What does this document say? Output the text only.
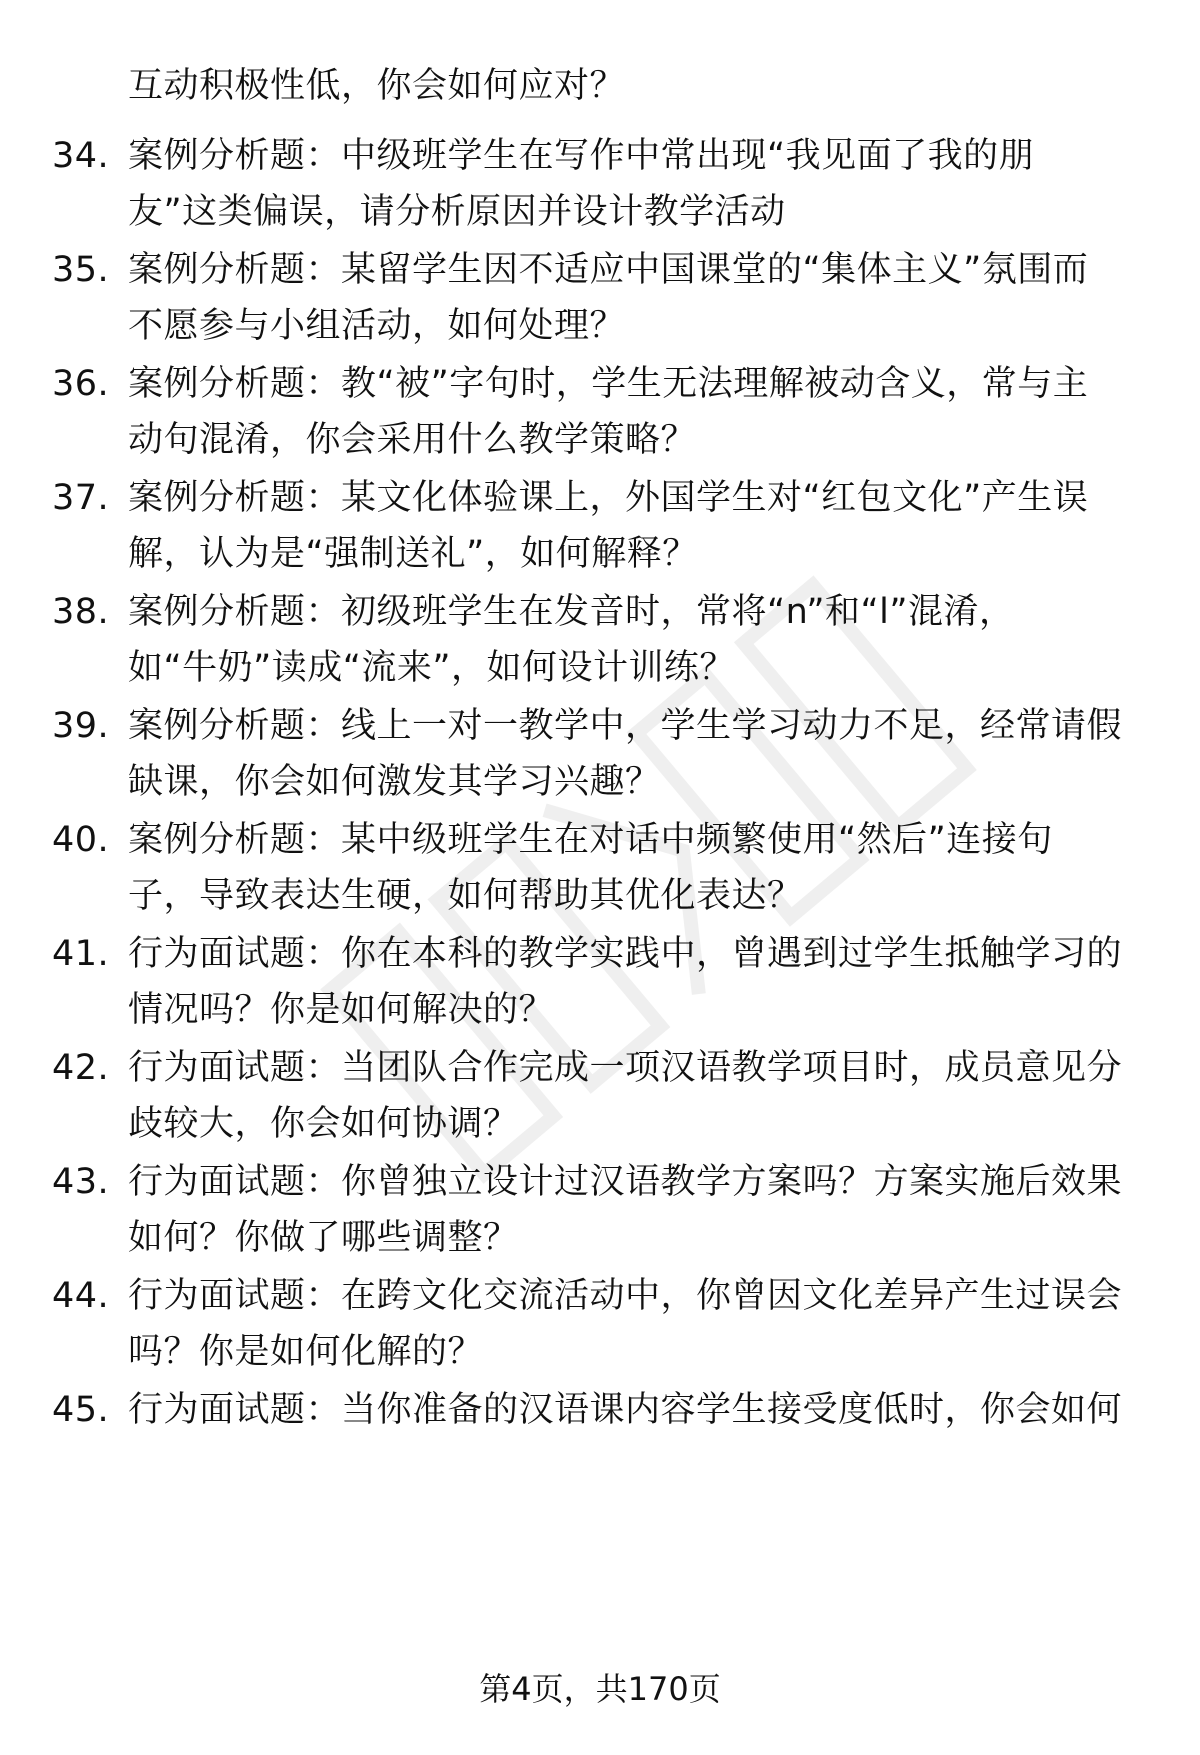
互动积极性低，你会如何应对？
34. 案例分析题：中级班学生在写作中常出现“我见面了我的朋
友”这类偏误，请分析原因并设计教学活动
35. 案例分析题：某留学生因不适应中国课堂的“集体主义”氛围而
不愿参与小组活动，如何处理？
36. 案例分析题：教“被”字句时，学生无法理解被动含义，常与主
动句混淆，你会采用什么教学策略？
37. 案例分析题：某文化体验课上，外国学生对“红包文化”产生误
解，认为是“强制送礼”，如何解释？
38. 案例分析题：初级班学生在发音时，常将“n”和“l”混淆，
如“牛奶”读成“流来”，如何设计训练？
39. 案例分析题：线上一对一教学中，学生学习动力不足，经常请假
缺课，你会如何激发其学习兴趣？
40. 案例分析题：某中级班学生在对话中频繁使用“然后”连接句
子，导致表达生硬，如何帮助其优化表达？
41. 行为面试题：你在本科的教学实践中，曾遇到过学生抵触学习的
情况吗？你是如何解决的？
42. 行为面试题：当团队合作完成一项汉语教学项目时，成员意见分
歧较大，你会如何协调？
43. 行为面试题：你曾独立设计过汉语教学方案吗？方案实施后效果
如何？你做了哪些调整？
44. 行为面试题：在跨文化交流活动中，你曾因文化差异产生过误会
吗？你是如何化解的？
45. 行为面试题：当你准备的汉语课内容学生接受度低时，你会如何
第4页，共170页
